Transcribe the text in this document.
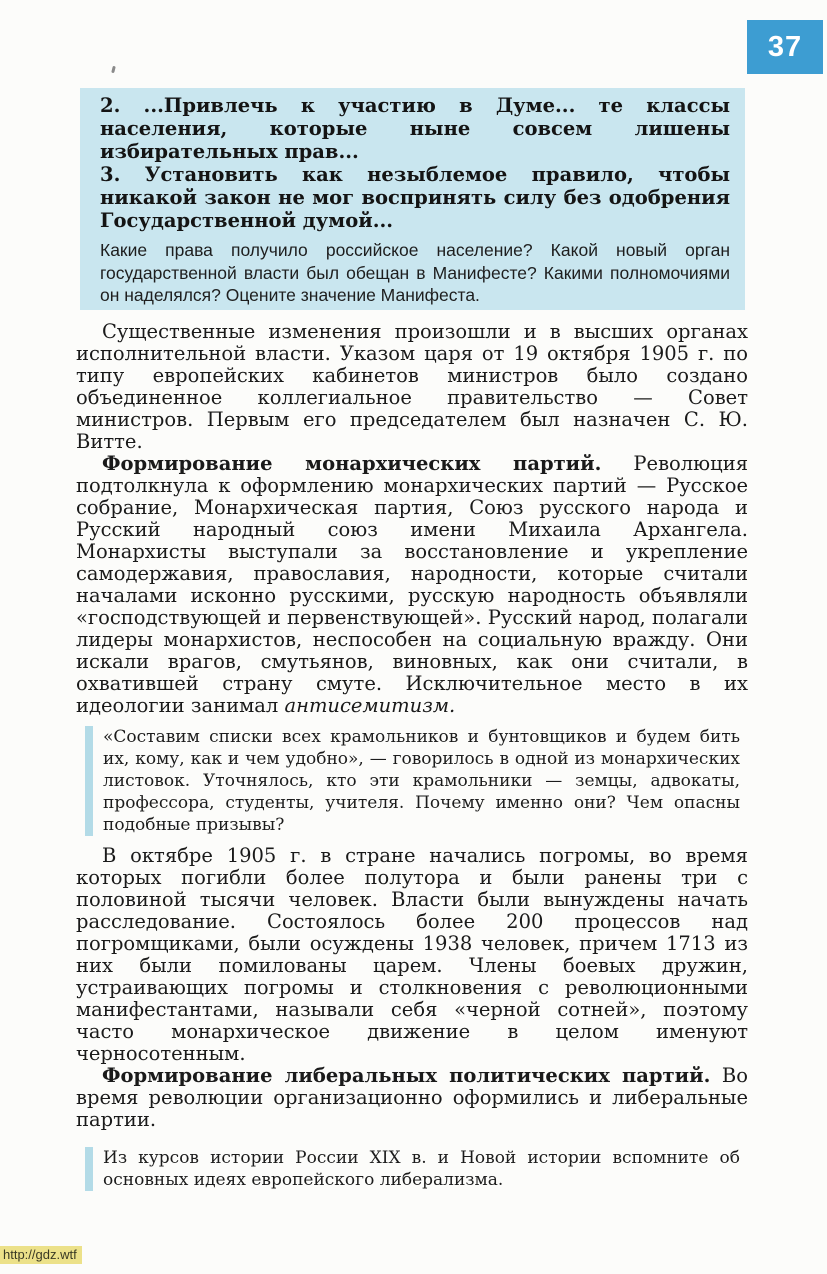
37
2. ...Привлечь к участию в Думе... те классы населения, которые ныне совсем лишены избирательных прав...
3. Установить как незыблемое правило, чтобы никакой закон не мог воспринять силу без одобрения Государственной думой...
Какие права получило российское население? Какой новый орган государственной власти был обещан в Манифесте? Какими полномочиями он наделялся? Оцените значение Манифеста.

Существенные изменения произошли и в высших органах исполнительной власти. Указом царя от 19 октября 1905 г. по типу европейских кабинетов министров было создано объединенное коллегиальное правительство — Совет министров. Первым его председателем был назначен С. Ю. Витте.

Формирование монархических партий. Революция подтолкнула к оформлению монархических партий — Русское собрание, Монархическая партия, Союз русского народа и Русский народный союз имени Михаила Архангела. Монархисты выступали за восстановление и укрепление самодержавия, православия, народности, которые считали началами исконно русскими, русскую народность объявляли «господствующей и первенствующей». Русский народ, полагали лидеры монархистов, неспособен на социальную вражду. Они искали врагов, смутьянов, виновных, как они считали, в охватившей страну смуте. Исключительное место в их идеологии занимал антисемитизм.

«Составим списки всех крамольников и бунтовщиков и будем бить их, кому, как и чем удобно», — говорилось в одной из монархических листовок. Уточнялось, кто эти крамольники — земцы, адвокаты, профессора, студенты, учителя. Почему именно они? Чем опасны подобные призывы?

В октябре 1905 г. в стране начались погромы, во время которых погибли более полутора и были ранены три с половиной тысячи человек. Власти были вынуждены начать расследование. Состоялось более 200 процессов над погромщиками, были осуждены 1938 человек, причем 1713 из них были помилованы царем. Члены боевых дружин, устраивающих погромы и столкновения с революционными манифестантами, называли себя «черной сотней», поэтому часто монархическое движение в целом именуют черносотенным.

Формирование либеральных политических партий. Во время революции организационно оформились и либеральные партии.

Из курсов истории России XIX в. и Новой истории вспомните об основных идеях европейского либерализма.
http://gdz.wtf
